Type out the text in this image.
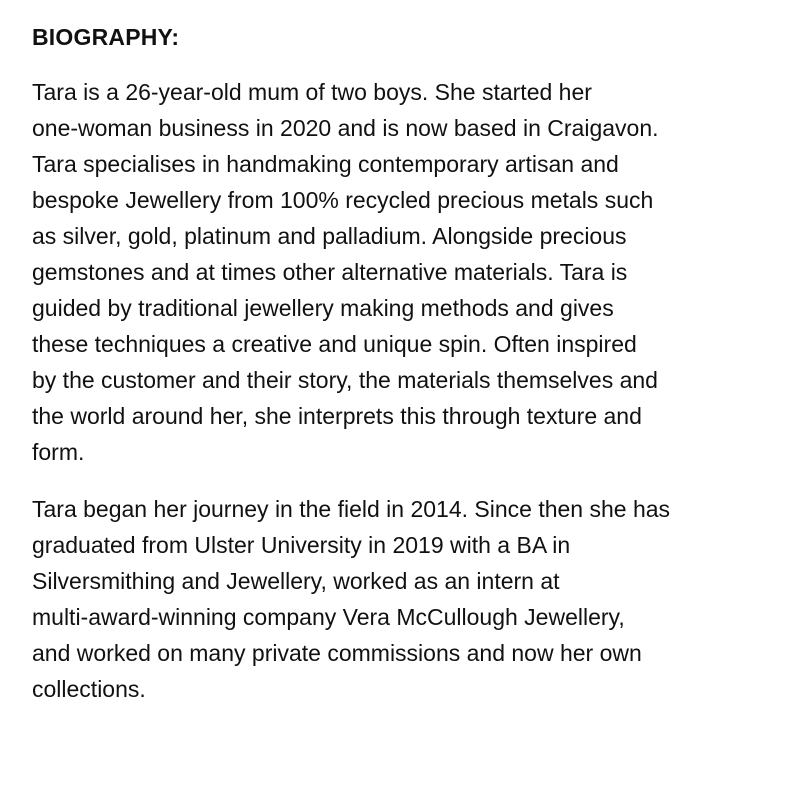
BIOGRAPHY:
Tara is a 26-year-old mum of two boys. She started her
one-woman business in 2020 and is now based in Craigavon.
Tara specialises in handmaking contemporary artisan and
bespoke Jewellery from 100% recycled precious metals such
as silver, gold, platinum and palladium. Alongside precious
gemstones and at times other alternative materials. Tara is
guided by traditional jewellery making methods and gives
these techniques a creative and unique spin. Often inspired
by the customer and their story, the materials themselves and
the world around her, she interprets this through texture and
form.
Tara began her journey in the field in 2014. Since then she has
graduated from Ulster University in 2019 with a BA in
Silversmithing and Jewellery, worked as an intern at
multi-award-winning company Vera McCullough Jewellery,
and worked on many private commissions and now her own
collections.
